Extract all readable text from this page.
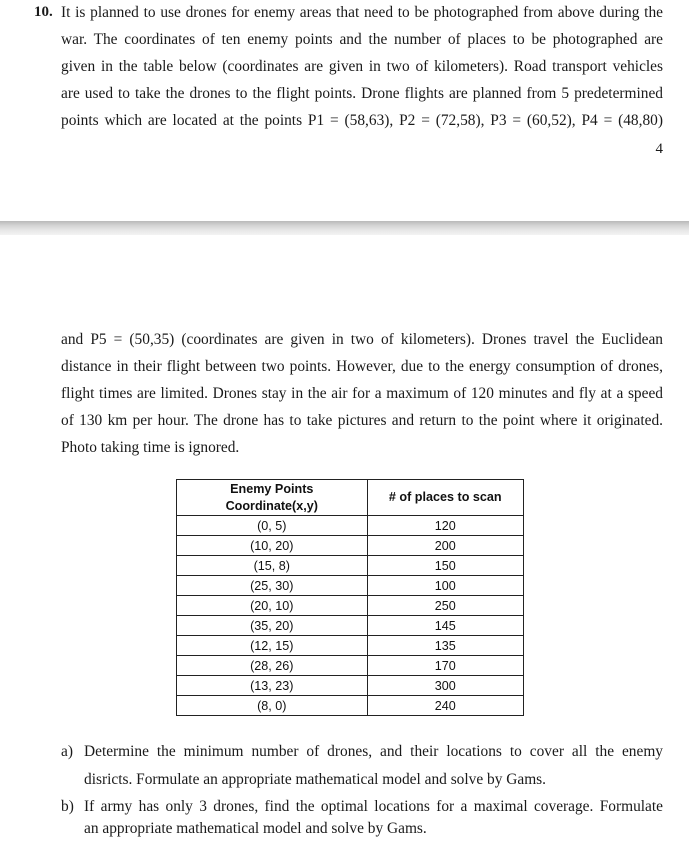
10. It is planned to use drones for enemy areas that need to be photographed from above during the
war. The coordinates of ten enemy points and the number of places to be photographed are
given in the table below (coordinates are given in two of kilometers). Road transport vehicles
are used to take the drones to the flight points. Drone flights are planned from 5 predetermined
points which are located at the points P1 = (58,63), P2 = (72,58), P3 = (60,52), P4 = (48,80)
4
and P5 = (50,35) (coordinates are given in two of kilometers). Drones travel the Euclidean
distance in their flight between two points. However, due to the energy consumption of drones,
flight times are limited. Drones stay in the air for a maximum of 120 minutes and fly at a speed
of 130 km per hour. The drone has to take pictures and return to the point where it originated.
Photo taking time is ignored.
Enemy Points
Coordinate(x,y)	# of places to scan
(0, 5)	120
(10, 20)	200
(15, 8)	150
(25, 30)	100
(20, 10)	250
(35, 20)	145
(12, 15)	135
(28, 26)	170
(13, 23)	300
(8, 0)	240
a) Determine the minimum number of drones, and their locations to cover all the enemy
disricts. Formulate an appropriate mathematical model and solve by Gams.
b) If army has only 3 drones, find the optimal locations for a maximal coverage. Formulate
an appropriate mathematical model and solve by Gams.
